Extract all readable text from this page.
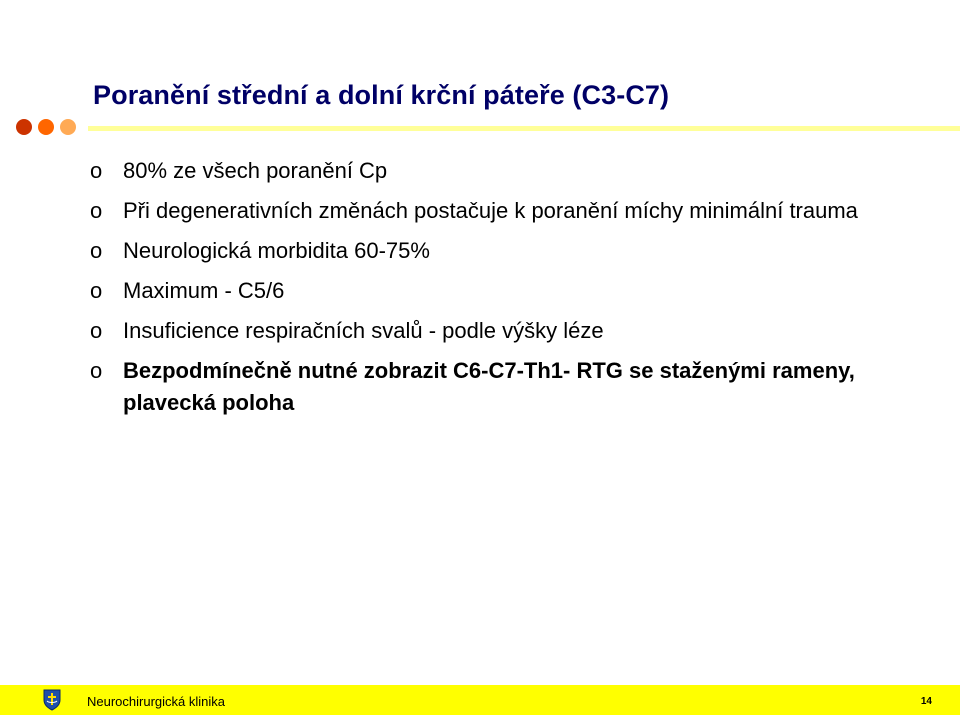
Poranění střední a dolní krční páteře (C3-C7)
o 80% ze všech poranění Cp
o Při degenerativních změnách postačuje k poranění míchy minimální trauma
o Neurologická morbidita 60-75%
o Maximum - C5/6
o Insuficience respiračních svalů - podle výšky léze
o Bezpodmínečně nutné zobrazit C6-C7-Th1- RTG se staženými rameny, plavecká poloha
Neurochirurgická klinika	14
